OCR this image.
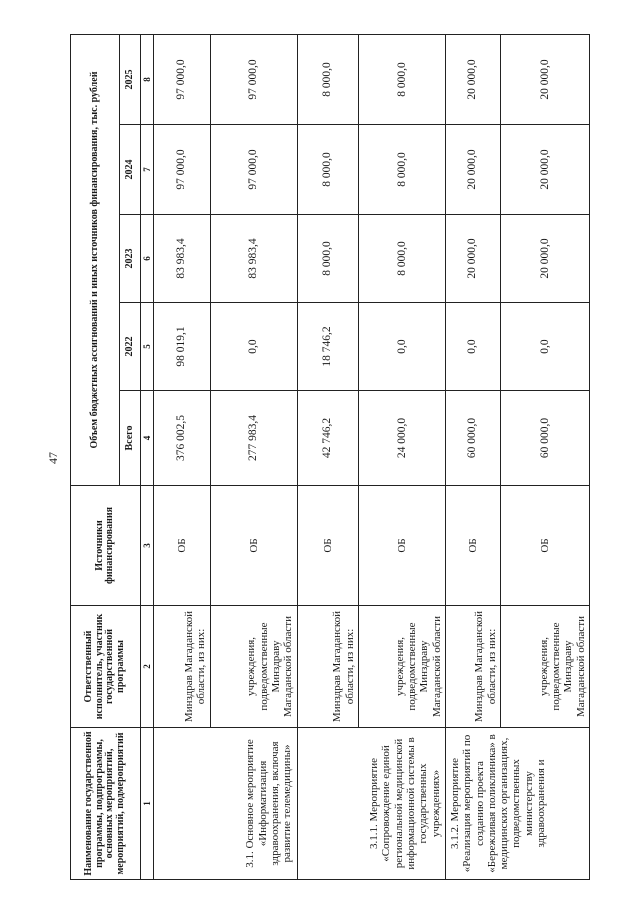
47
Наименование государственной программы, подпрограммы, основных мероприятий, мероприятий, подмероприятий	Ответственный исполнитель, участник государственной программы	Источники финансирования	Объем бюджетных ассигнований и иных источников финансирования, тыс. рублей				
			Всего	2022	2023	2024	2025
1	2	3	4	5	6	7	8
3.1. Основное мероприятие «Информатизация здравоохранения, включая развитие телемедицины»	Минздрав Магаданской области, из них:	ОБ	376 002,5	98 019,1	83 983,4	97 000,0	97 000,0
	учреждения, подведомственные Минздраву Магаданской области	ОБ	277 983,4	0,0	83 983,4	97 000,0	97 000,0
3.1.1. Мероприятие «Сопровождение единой региональной медицинской информационной системы в государственных учреждениях»	Минздрав Магаданской области, из них:	ОБ	42 746,2	18 746,2	8 000,0	8 000,0	8 000,0
	учреждения, подведомственные Минздраву Магаданской области	ОБ	24 000,0	0,0	8 000,0	8 000,0	8 000,0
3.1.2. Мероприятие «Реализация мероприятий по созданию проекта «Бережливая поликлиника» в медицинских организациях, подведомственных министерству здравоохранения и	Минздрав Магаданской области, из них:	ОБ	60 000,0	0,0	20 000,0	20 000,0	20 000,0
	учреждения, подведомственные Минздраву Магаданской области	ОБ	60 000,0	0,0	20 000,0	20 000,0	20 000,0
